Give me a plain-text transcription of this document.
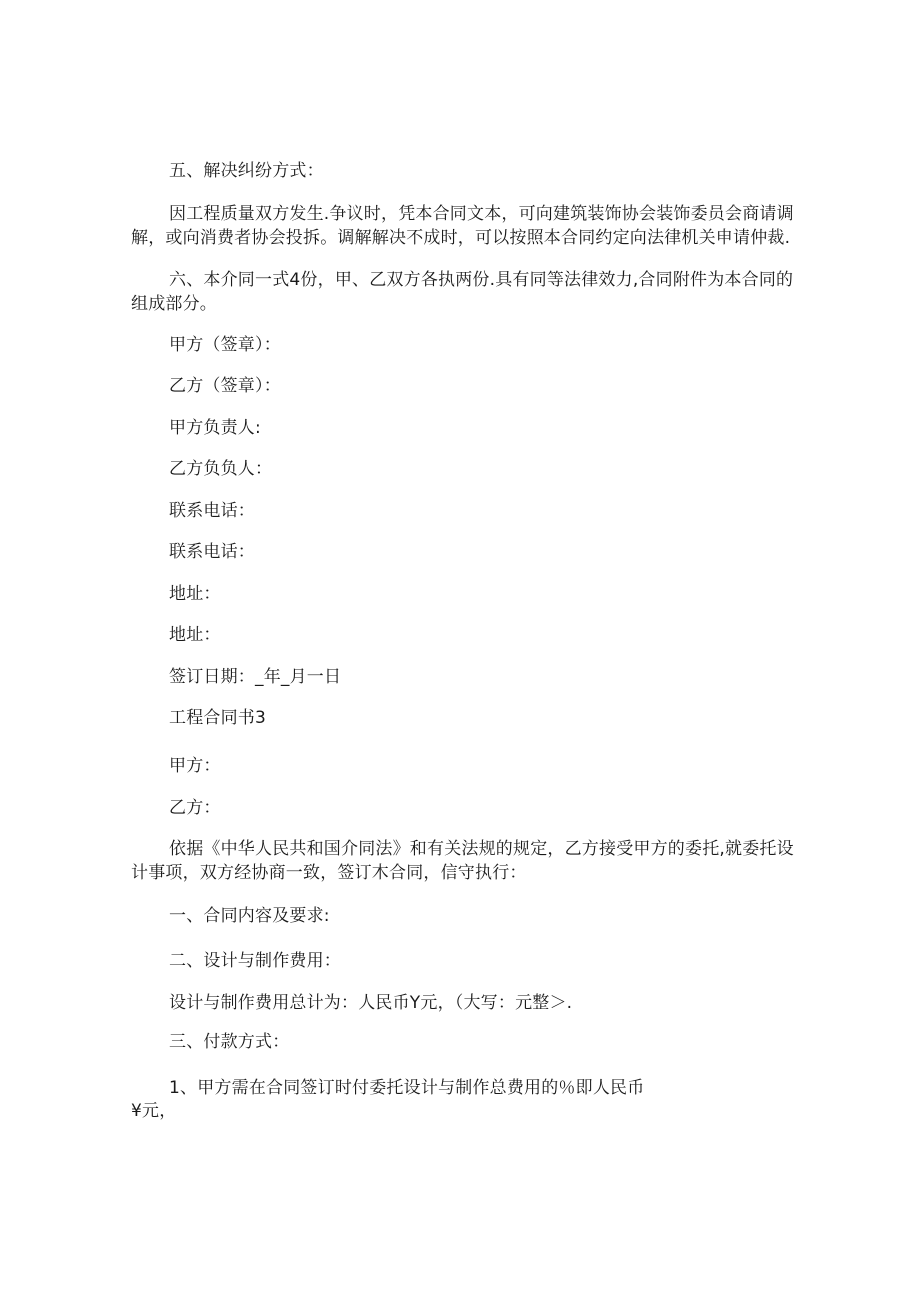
五、解决纠纷方式：
因工程质量双方发生.争议时，凭本合同文本，可向建筑装饰协会装饰委员会商请调
解，或向消费者协会投拆。调解解决不成时，可以按照本合同约定向法律机关申请仲裁.
六、本介同一式4份，甲、乙双方各执两份.具有同等法律效力,合同附件为本合同的
组成部分。
甲方（签章）：
乙方（签章）：
甲方负责人:
乙方负负人：
联系电话：
联系电话：
地址：
地址：
签订日期：_年_月一日
工程合同书3
甲方：
乙方：
依据《中华人民共和国介同法》和有关法规的规定，乙方接受甲方的委托,就委托设
计事项，双方经协商一致，签订木合同，信守执行：
一、合同内容及要求:
二、设计与制作费用：
设计与制作费用总计为：人民币Y元，（大写：元整＞.
三、付款方式：
1、甲方需在合同签订时付委托设计与制作总费用的％即人民币
¥元，
